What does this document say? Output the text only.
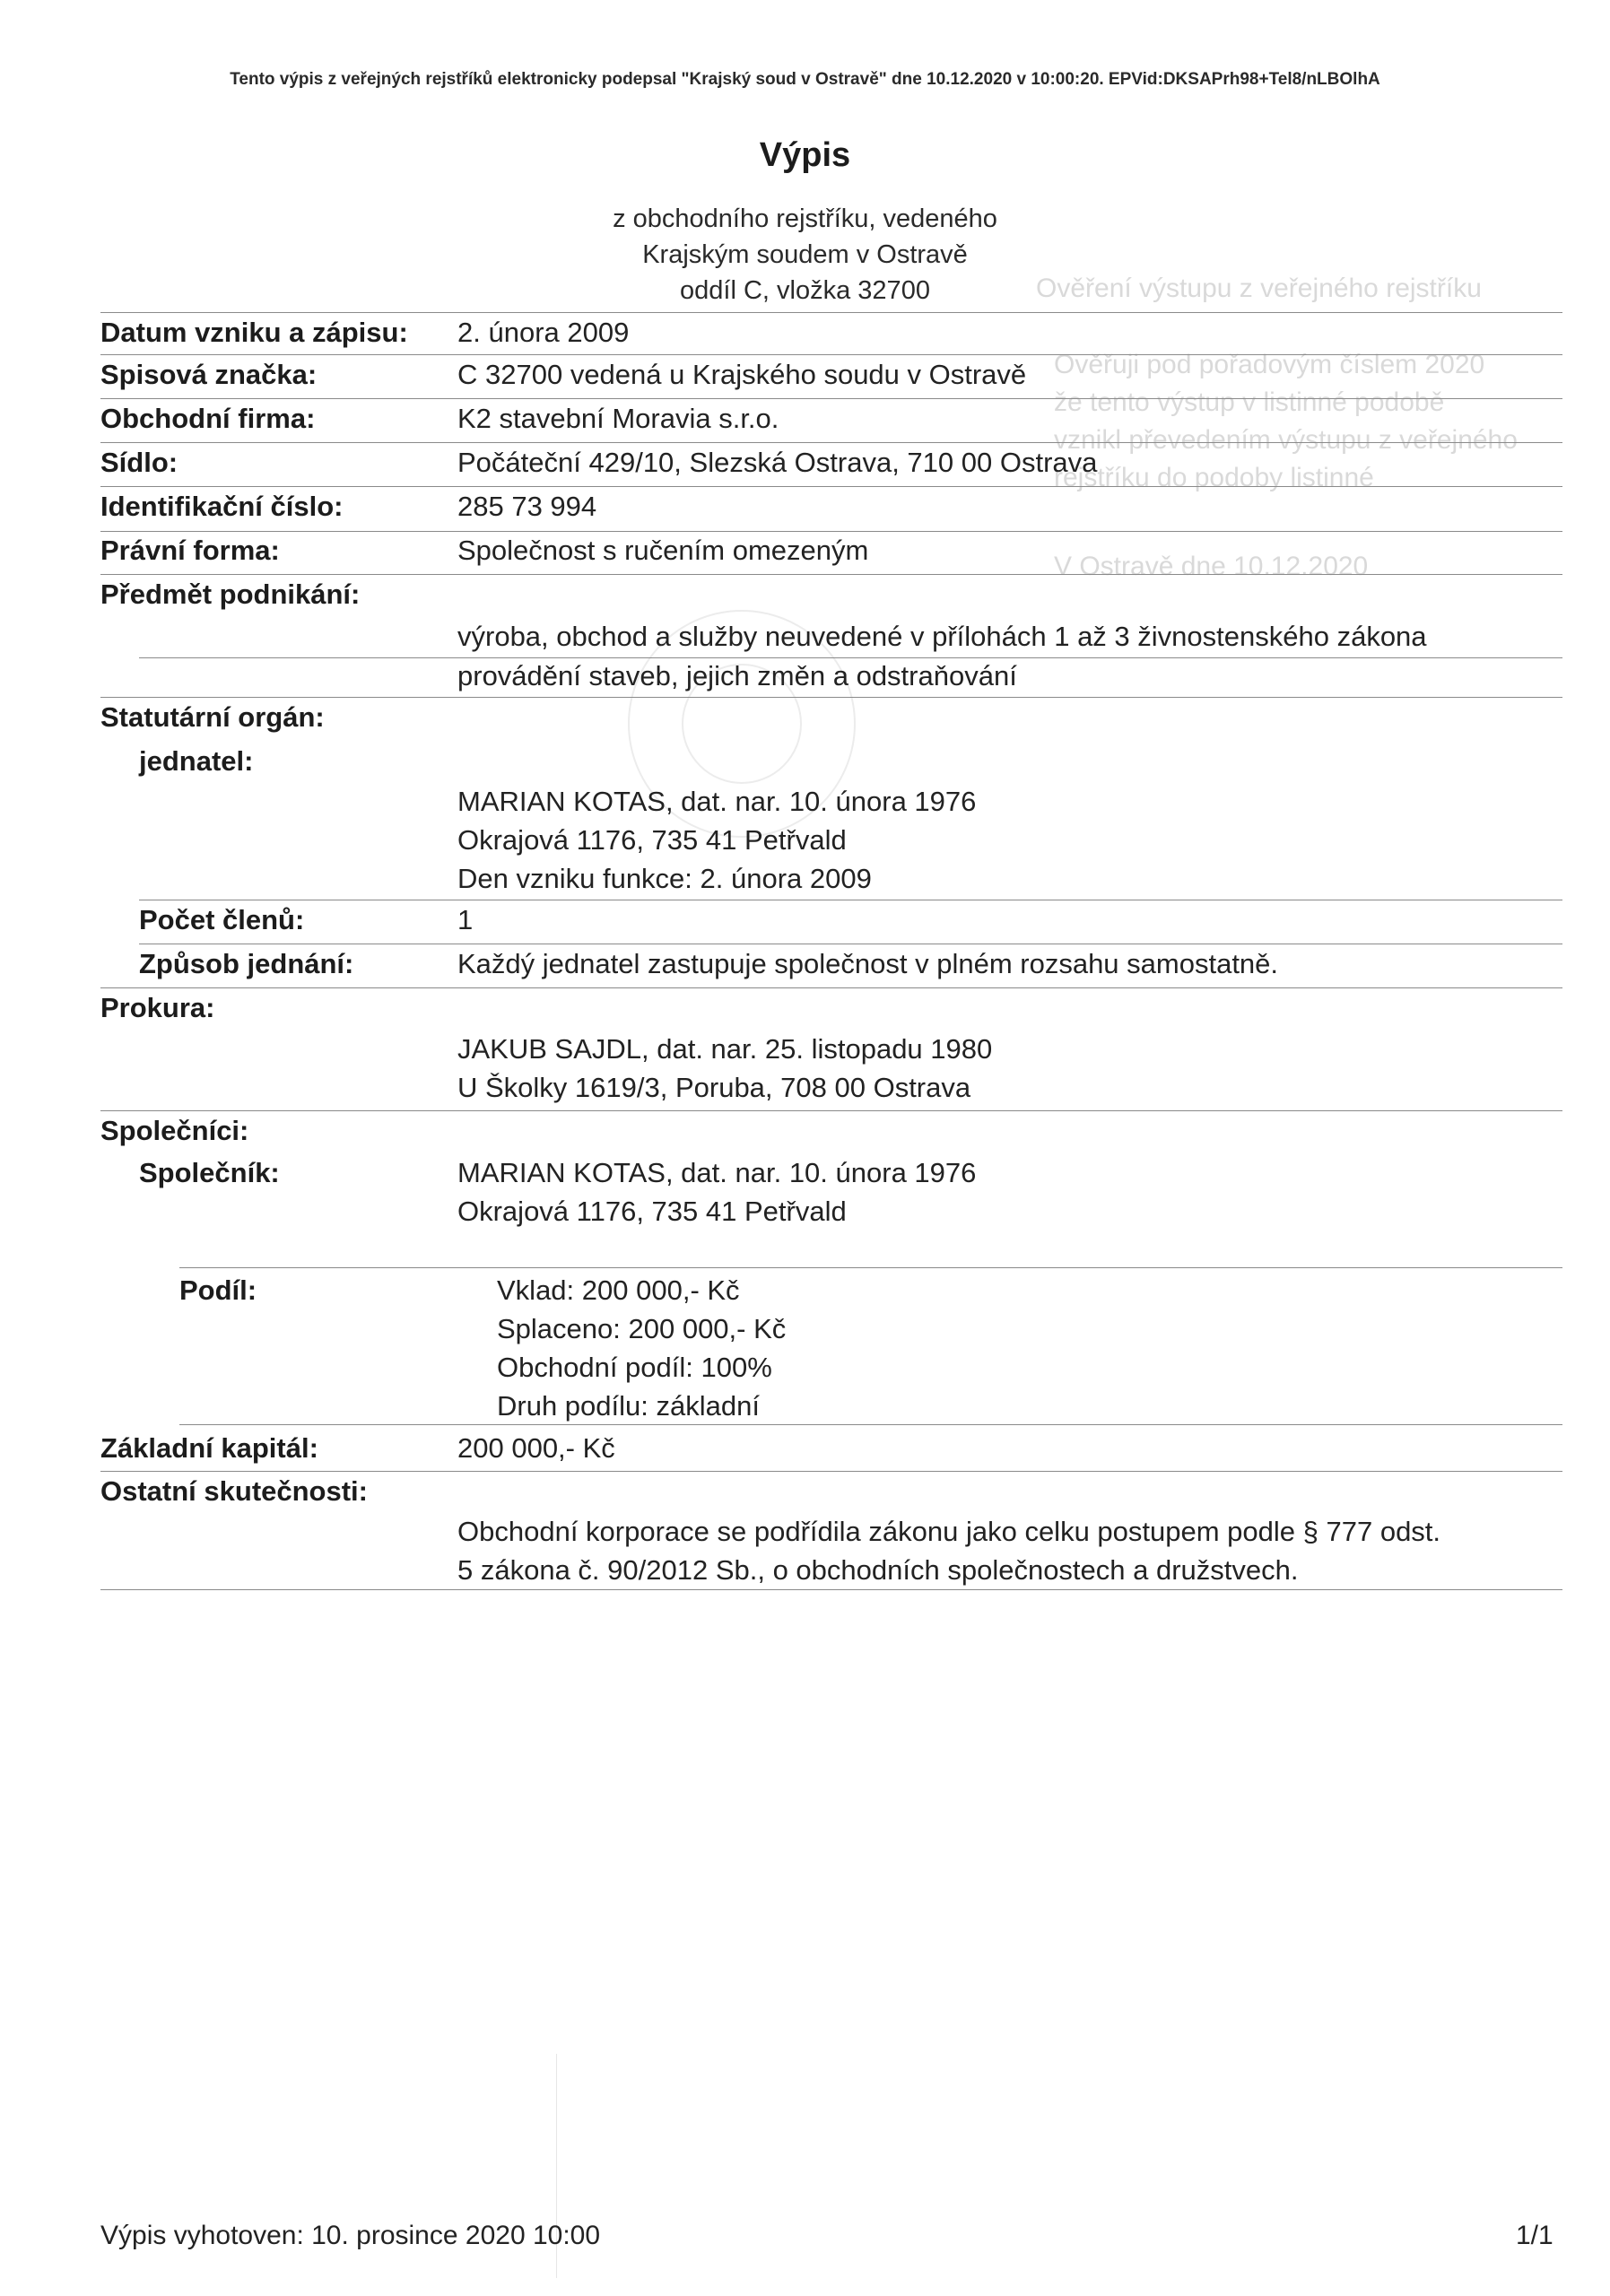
Ověření výstupu z veřejného rejstříku
Ověřuji pod pořadovým číslem 2020
že tento výstup v listinné podobě
vznikl převedením výstupu z veřejného
rejstříku do podoby listinné
V Ostravě dne 10.12.2020
Tento výpis z veřejných rejstříků elektronicky podepsal "Krajský soud v Ostravě" dne 10.12.2020 v 10:00:20. EPVid:DKSAPrh98+Tel8/nLBOlhA
Výpis
z obchodního rejstříku, vedeného
Krajským soudem v Ostravě
oddíl C, vložka 32700
Datum vzniku a zápisu:
Spisová značka:
Obchodní firma:
Sídlo:
Identifikační číslo:
Právní forma:
Předmět podnikání:
Statutární orgán:
jednatel:
Počet členů:
Způsob jednání:
Prokura:
Společníci:
Společník:
Podíl:
Základní kapitál:
Ostatní skutečnosti:
2. února 2009
C 32700 vedená u Krajského soudu v Ostravě
K2 stavební Moravia s.r.o.
Počáteční 429/10, Slezská Ostrava, 710 00 Ostrava
285 73 994
Společnost s ručením omezeným
výroba, obchod a služby neuvedené v přílohách 1 až 3 živnostenského zákona
provádění staveb, jejich změn a odstraňování
MARIAN KOTAS, dat. nar. 10. února 1976
Okrajová 1176, 735 41 Petřvald
Den vzniku funkce: 2. února 2009
1
Každý jednatel zastupuje společnost v plném rozsahu samostatně.
JAKUB SAJDL, dat. nar. 25. listopadu 1980
U Školky 1619/3, Poruba, 708 00 Ostrava
MARIAN KOTAS, dat. nar. 10. února 1976
Okrajová 1176, 735 41 Petřvald
Vklad: 200 000,- Kč
Splaceno: 200 000,- Kč
Obchodní podíl: 100%
Druh podílu: základní
200 000,- Kč
Obchodní korporace se podřídila zákonu jako celku postupem podle § 777 odst.
5 zákona č. 90/2012 Sb., o obchodních společnostech a družstvech.
Výpis vyhotoven: 10. prosince 2020 10:00	1/1
